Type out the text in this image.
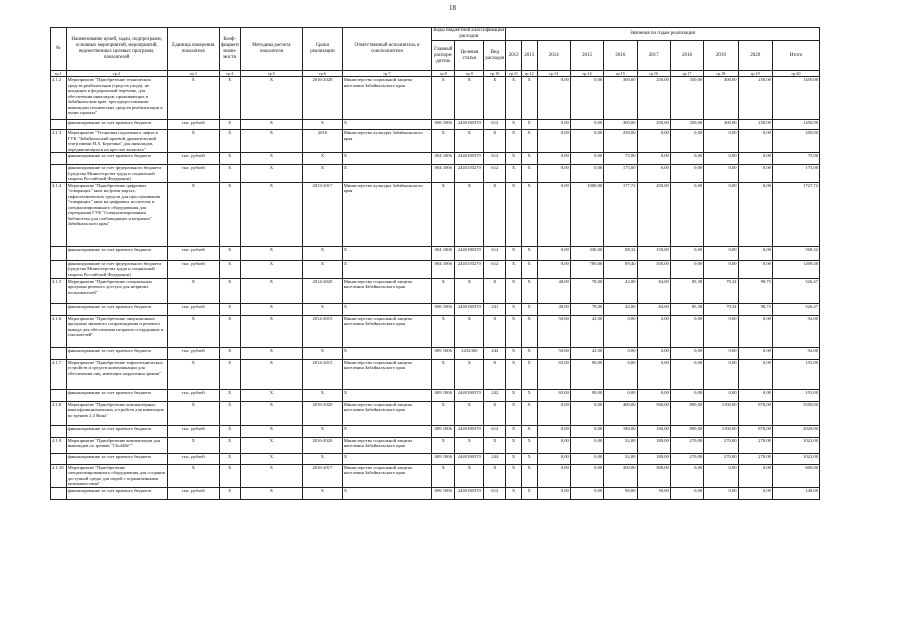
18
№	Наименование целей, задач, подпрограмм, основных мероприятий, мероприятий, ведомственных целевых программ, показателей	Единица измерения показателя	Коэф-фициент значи-мости	Методика расчета показателя	Сроки реализации	Ответственный исполнитель и соисполнители	Коды бюджетной классификации расходов			Значения по годам реализации									
							Главный распоря-дитель	Целевая статья	Вид расходов	2012	2013	2014	2015	2016	2017	2018	2019	2020	Итого
гр.1	гр.2	гр.3	гр.4	гр.5	гр.6	гр.7	гр.8	гр.9	гр.10	гр.11	гр.12	гр.13	гр.14	гр.15	гр.16	гр.17	гр.18	гр.19	гр.20
4.1.2	Мероприятие "Приобретение технических средств реабилитации (средств ухода), не входящих в федеральный перечень, для обеспечения инвалидов, проживающих в Забайкальском крае, при предоставлении инвалидам технических средств реабилитации в пункт проката"	X	X	X	2016-2020	Министерство социальной защиты населения Забайкальского края	X	X	X	X	X	0,00	0,00	300,00	250,00	350,00	300,00	250,00	1450,00
	финансирование за счет краевого бюджета	тыс. рублей	X	X	X	X	008 1006	2440180370	612	X	X	0,00	0,00	300,00	250,00	350,00	300,00	250,00	1450,00
4.1.3	Мероприятие "Установка подъемного лифта в ГУК "Забайкальский краевой драматический театр имени Н.А. Березина" для инвалидов, передвигающихся на креслах-колясках"	X	X	X	2016	Министерство культуры Забайкальского края	X	X	X	X	X	0,00	0,00	250,00	0,00	0,00	0,00	0,00	250,00
	финансирование за счет краевого бюджета	тыс. рублей	X	X	X	X	004 1006	2440180370	612	X	X	0,00	0,00	75,00	0,00	0,00	0,00	0,00	75,00
	финансирование за счет федерального бюджета (средства Министерства труда и социальной защиты Российской Федерации)	тыс. рублей	X	X	X	X	004 1006	2440150270	612	X	X	0,00	0,00	175,00	0,00	0,00	0,00	0,00	175,00
4.1.4	Мероприятие "Приобретение цифровых "говорящих" книг на флеш-картах, тифлотехнических средств для прослушивания "говорящих" книг на цифровых носителях и специализированного оборудования для учреждения ГУК "Специализированная библиотека для слабовидящих и незрячих" Забайкальского края"	X	X	X	2013-2017	Министерство культуры Забайкальского края	X	X	X	X	X	0,00	1000,00	177,72	250,00	0,00	0,00	0,00	1727,72
	финансирование за счет краевого бюджета	тыс. рублей	X	X	X	X	004 1006	2440180370	612	X	X	0,00	330,00	88,32	150,00	0,00	0,00	0,00	568,32
	финансирование за счет федерального бюджета (средства Министерства труда и социальной защиты Российской Федерации)	тыс. рублей	X	X	X	X	004 1006	2440150270	612	X	X	0,00	700,00	89,40	350,00	0,00	0,00	0,00	1209,40
4.1.5	Мероприятие "Приобретение специальных программ речевого доступа для незрячих пользователей"	X	X	X	2014-2020	Министерство социальной защиты населения Забайкальского края	X	X	X	X	X	40,00	78,00	42,00	84,00	85,38	79,34	98,75	526,47
	финансирование за счет краевого бюджета	тыс. рублей	X	X	X	X	008 1006	2440180370	241	X	X	40,00	78,00	42,00	84,00	85,38	79,34	98,75	526,47
4.1.6	Мероприятие "Приобретение лицензионных программ звукового сопровождения и речевого вывода для обеспечения незрячих сотрудников и соискателей"	X	X	X	2014-2015	Министерство социальной защиты населения Забайкальского края	X	X	X	X	X	50,00	42,00	0,00	0,00	0,00	0,00	0,00	92,00
	финансирование за счет краевого бюджета	тыс. рублей	X	X	X	X	009 1006	2232300	242	X	X	50,00	42,00	0,00	0,00	0,00	0,00	0,00	92,00
4.1.7	Мероприятие "Приобретение тифлотехнических устройств и средств коммуникации для обеспечения лиц, имеющих нарушения зрения"	X	X	X	2014-2015	Министерство социальной защиты населения Забайкальского края	X	X	X	X	X	65,00	90,00	0,00	0,00	0,00	0,00	0,00	155,00
	финансирование за счет краевого бюджета	тыс. рублей	X	X	X	X	009 1006	2440180370	242	X	X	65,00	90,00	0,00	0,00	0,00	0,00	0,00	155,00
4.1.8	Мероприятие "Приобретение компьютерных многофункциональных устройств для инвалидов по зрению 2,3 Вина"	X	X	X	2016-2020	Министерство социальной защиты населения Забайкальского края	X	X	X	X	X	0,00	0,00	400,00	560,00	800,00	1100,00	870,00	3550,00
	финансирование за счет краевого бюджета	тыс. рублей	X	X	X	X	009 1006	2440180370	612	X	X	0,00	0,00	180,00	160,00	800,00	1100,00	870,00	2920,00
4.1.9	Мероприятие "Приобретение компьютеров для инвалидов по зрению "ClickMe""	X	X	X	2016-2020	Министерство социальной защиты населения Забайкальского края	X	X	X	X	X	0,00	0,00	32,00	180,00	270,00	270,00	270,00	1022,00
	финансирование за счет краевого бюджета	тыс. рублей	X	X	X	X	009 1006	2440180370	244	X	X	0,00	0,00	32,00	180,00	270,00	270,00	270,00	1022,00
4.1.10	Мероприятие "Приобретение специализированного оборудования для создания доступной среды для людей с ограниченными возможностями"	X	X	X	2016-2017	Министерство социальной защиты населения Забайкальского края	X	X	X	X	X	0,00	0,00	300,00	300,00	0,00	0,00	0,00	600,00
	финансирование за счет краевого бюджета	тыс. рублей	X	X	X	X	009 1006	2440180370	612	X	X	0,00	0,00	90,00	50,00	0,00	0,00	0,00	140,00
